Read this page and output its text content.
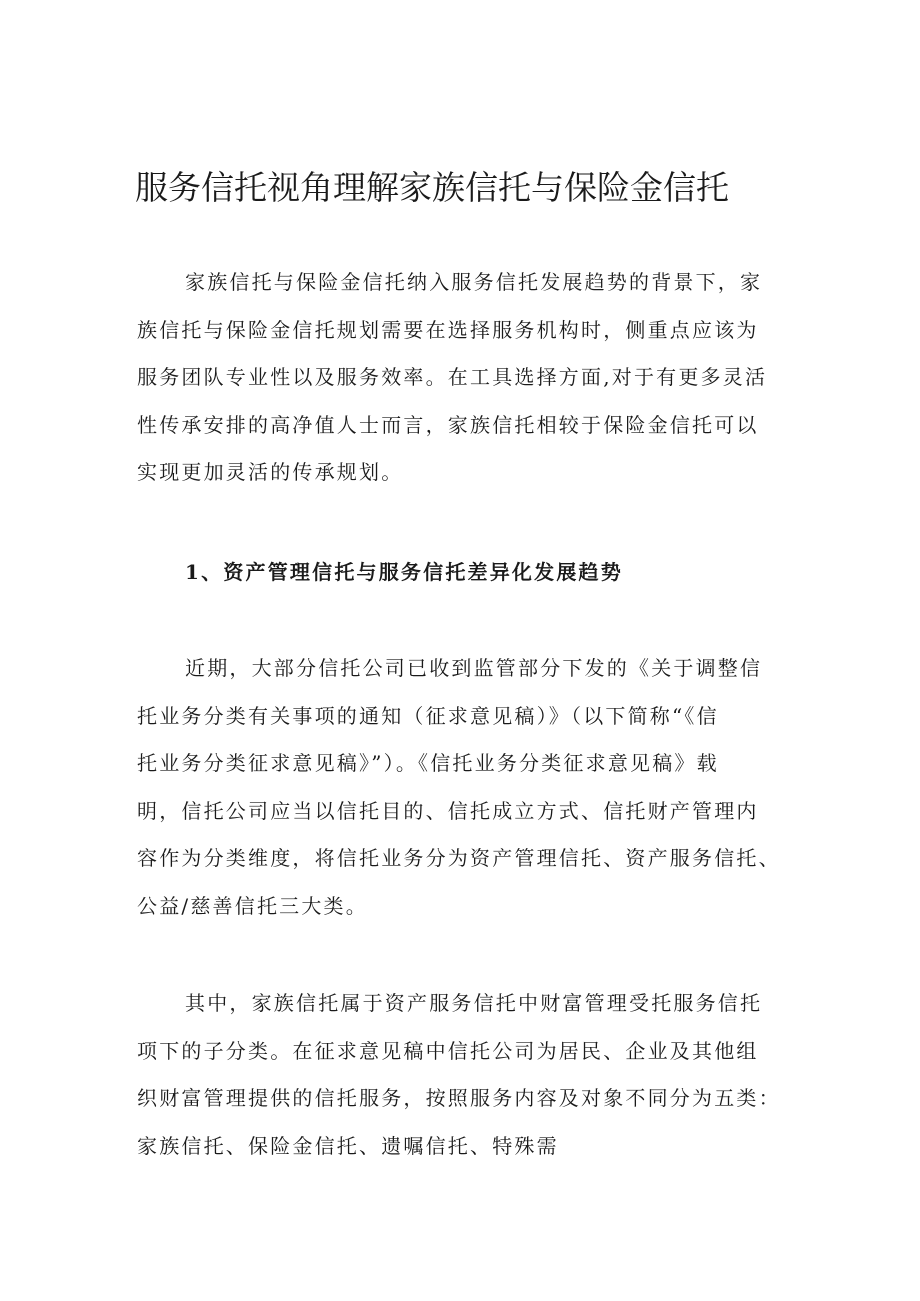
服务信托视角理解家族信托与保险金信托
家族信托与保险金信托纳入服务信托发展趋势的背景下，家
族信托与保险金信托规划需要在选择服务机构时，侧重点应该为
服务团队专业性以及服务效率。在工具选择方面,对于有更多灵活
性传承安排的高净值人士而言，家族信托相较于保险金信托可以
实现更加灵活的传承规划。
1、资产管理信托与服务信托差异化发展趋势
近期，大部分信托公司已收到监管部分下发的《关于调整信
托业务分类有关事项的通知（征求意见稿）》（以下简称“《信
托业务分类征求意见稿》”）。《信托业务分类征求意见稿》载
明，信托公司应当以信托目的、信托成立方式、信托财产管理内
容作为分类维度，将信托业务分为资产管理信托、资产服务信托、
公益/慈善信托三大类。
其中，家族信托属于资产服务信托中财富管理受托服务信托
项下的子分类。在征求意见稿中信托公司为居民、企业及其他组
织财富管理提供的信托服务，按照服务内容及对象不同分为五类：
家族信托、保险金信托、遗嘱信托、特殊需
